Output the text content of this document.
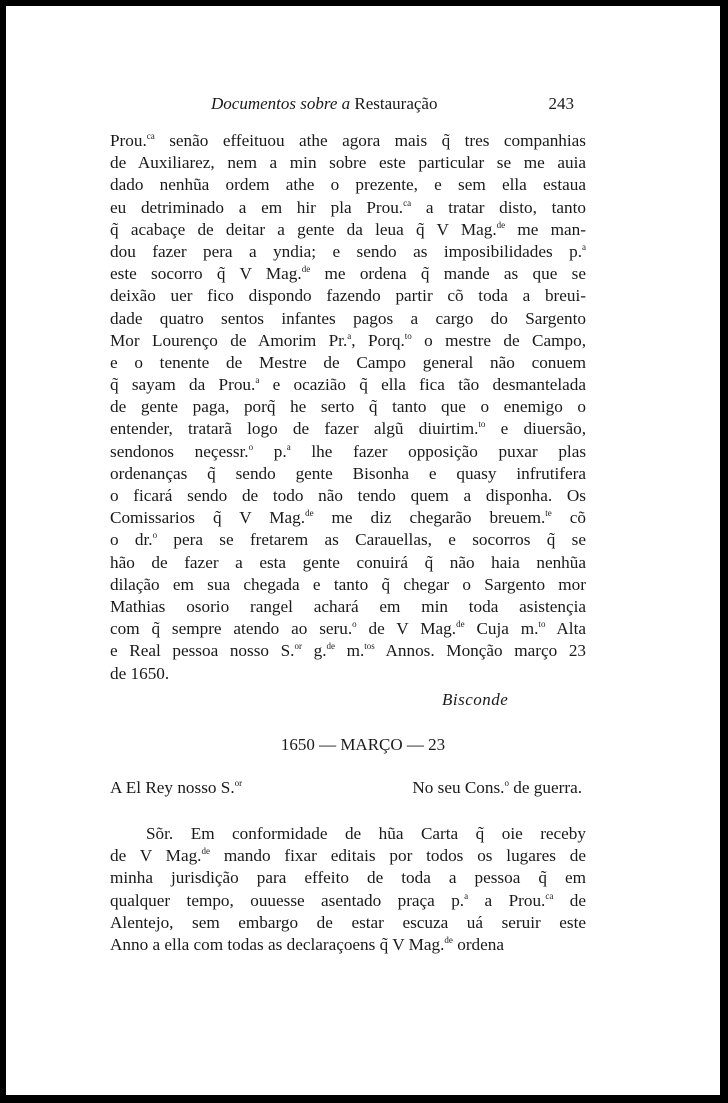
Documentos sobre a Restauração	243
Prou.$^{ca}$ senão effeituou athe agora mais q̃ tres companhias
de Auxiliarez, nem a min sobre este particular se me auia
dado nenhũa ordem athe o prezente, e sem ella estaua
eu detriminado a em hir pla Prou.$^{ca}$ a tratar disto, tanto
q̃ acabaçe de deitar a gente da leua q̃ V Mag.$^{de}$ me man-
dou fazer pera a yndia; e sendo as imposibilidades p.$^a$
este socorro q̃ V Mag.$^{de}$ me ordena q̃ mande as que se
deixão uer fico dispondo fazendo partir cõ toda a breui-
dade quatro sentos infantes pagos a cargo do Sargento
Mor Lourenço de Amorim Pr.$^a$, Porq.$^{to}$ o mestre de Campo,
e o tenente de Mestre de Campo general não conuem
q̃ sayam da Prou.$^a$ e ocazião q̃ ella fica tão desmantelada
de gente paga, porq̃ he serto q̃ tanto que o enemigo o
entender, tratarã logo de fazer algũ diuirtim.$^{to}$ e diuersão,
sendonos neçessr.$^o$ p.$^a$ lhe fazer opposição puxar plas
ordenanças q̃ sendo gente Bisonha e quasy infrutifera
o ficará sendo de todo não tendo quem a disponha. Os
Comissarios q̃ V Mag.$^{de}$ me diz chegarão breuem.$^{te}$ cõ
o dr.$^o$ pera se fretarem as Carauellas, e socorros q̃ se
hão de fazer a esta gente conuirá q̃ não haia nenhũa
dilação em sua chegada e tanto q̃ chegar o Sargento mor
Mathias osorio rangel achará em min toda asistençia
com q̃ sempre atendo ao seru.$^o$ de V Mag.$^{de}$ Cuja m.$^{to}$ Alta
e Real pessoa nosso S.$^{or}$ g.$^{de}$ m.$^{tos}$ Annos. Monção março 23
de 1650.
Bisconde
1650 — MARÇO — 23
A El Rey nosso S.$^{or}$	No seu Cons.$^o$ de guerra.
Sõr. Em conformidade de hũa Carta q̃ oie receby
de V Mag.$^{de}$ mando fixar editais por todos os lugares de
minha jurisdição para effeito de toda a pessoa q̃ em
qualquer tempo, ouuesse asentado praça p.$^a$ a Prou.$^{ca}$ de
Alentejo, sem embargo de estar escuza uá seruir este
Anno a ella com todas as declaraçoens q̃ V Mag.$^{de}$ ordena
